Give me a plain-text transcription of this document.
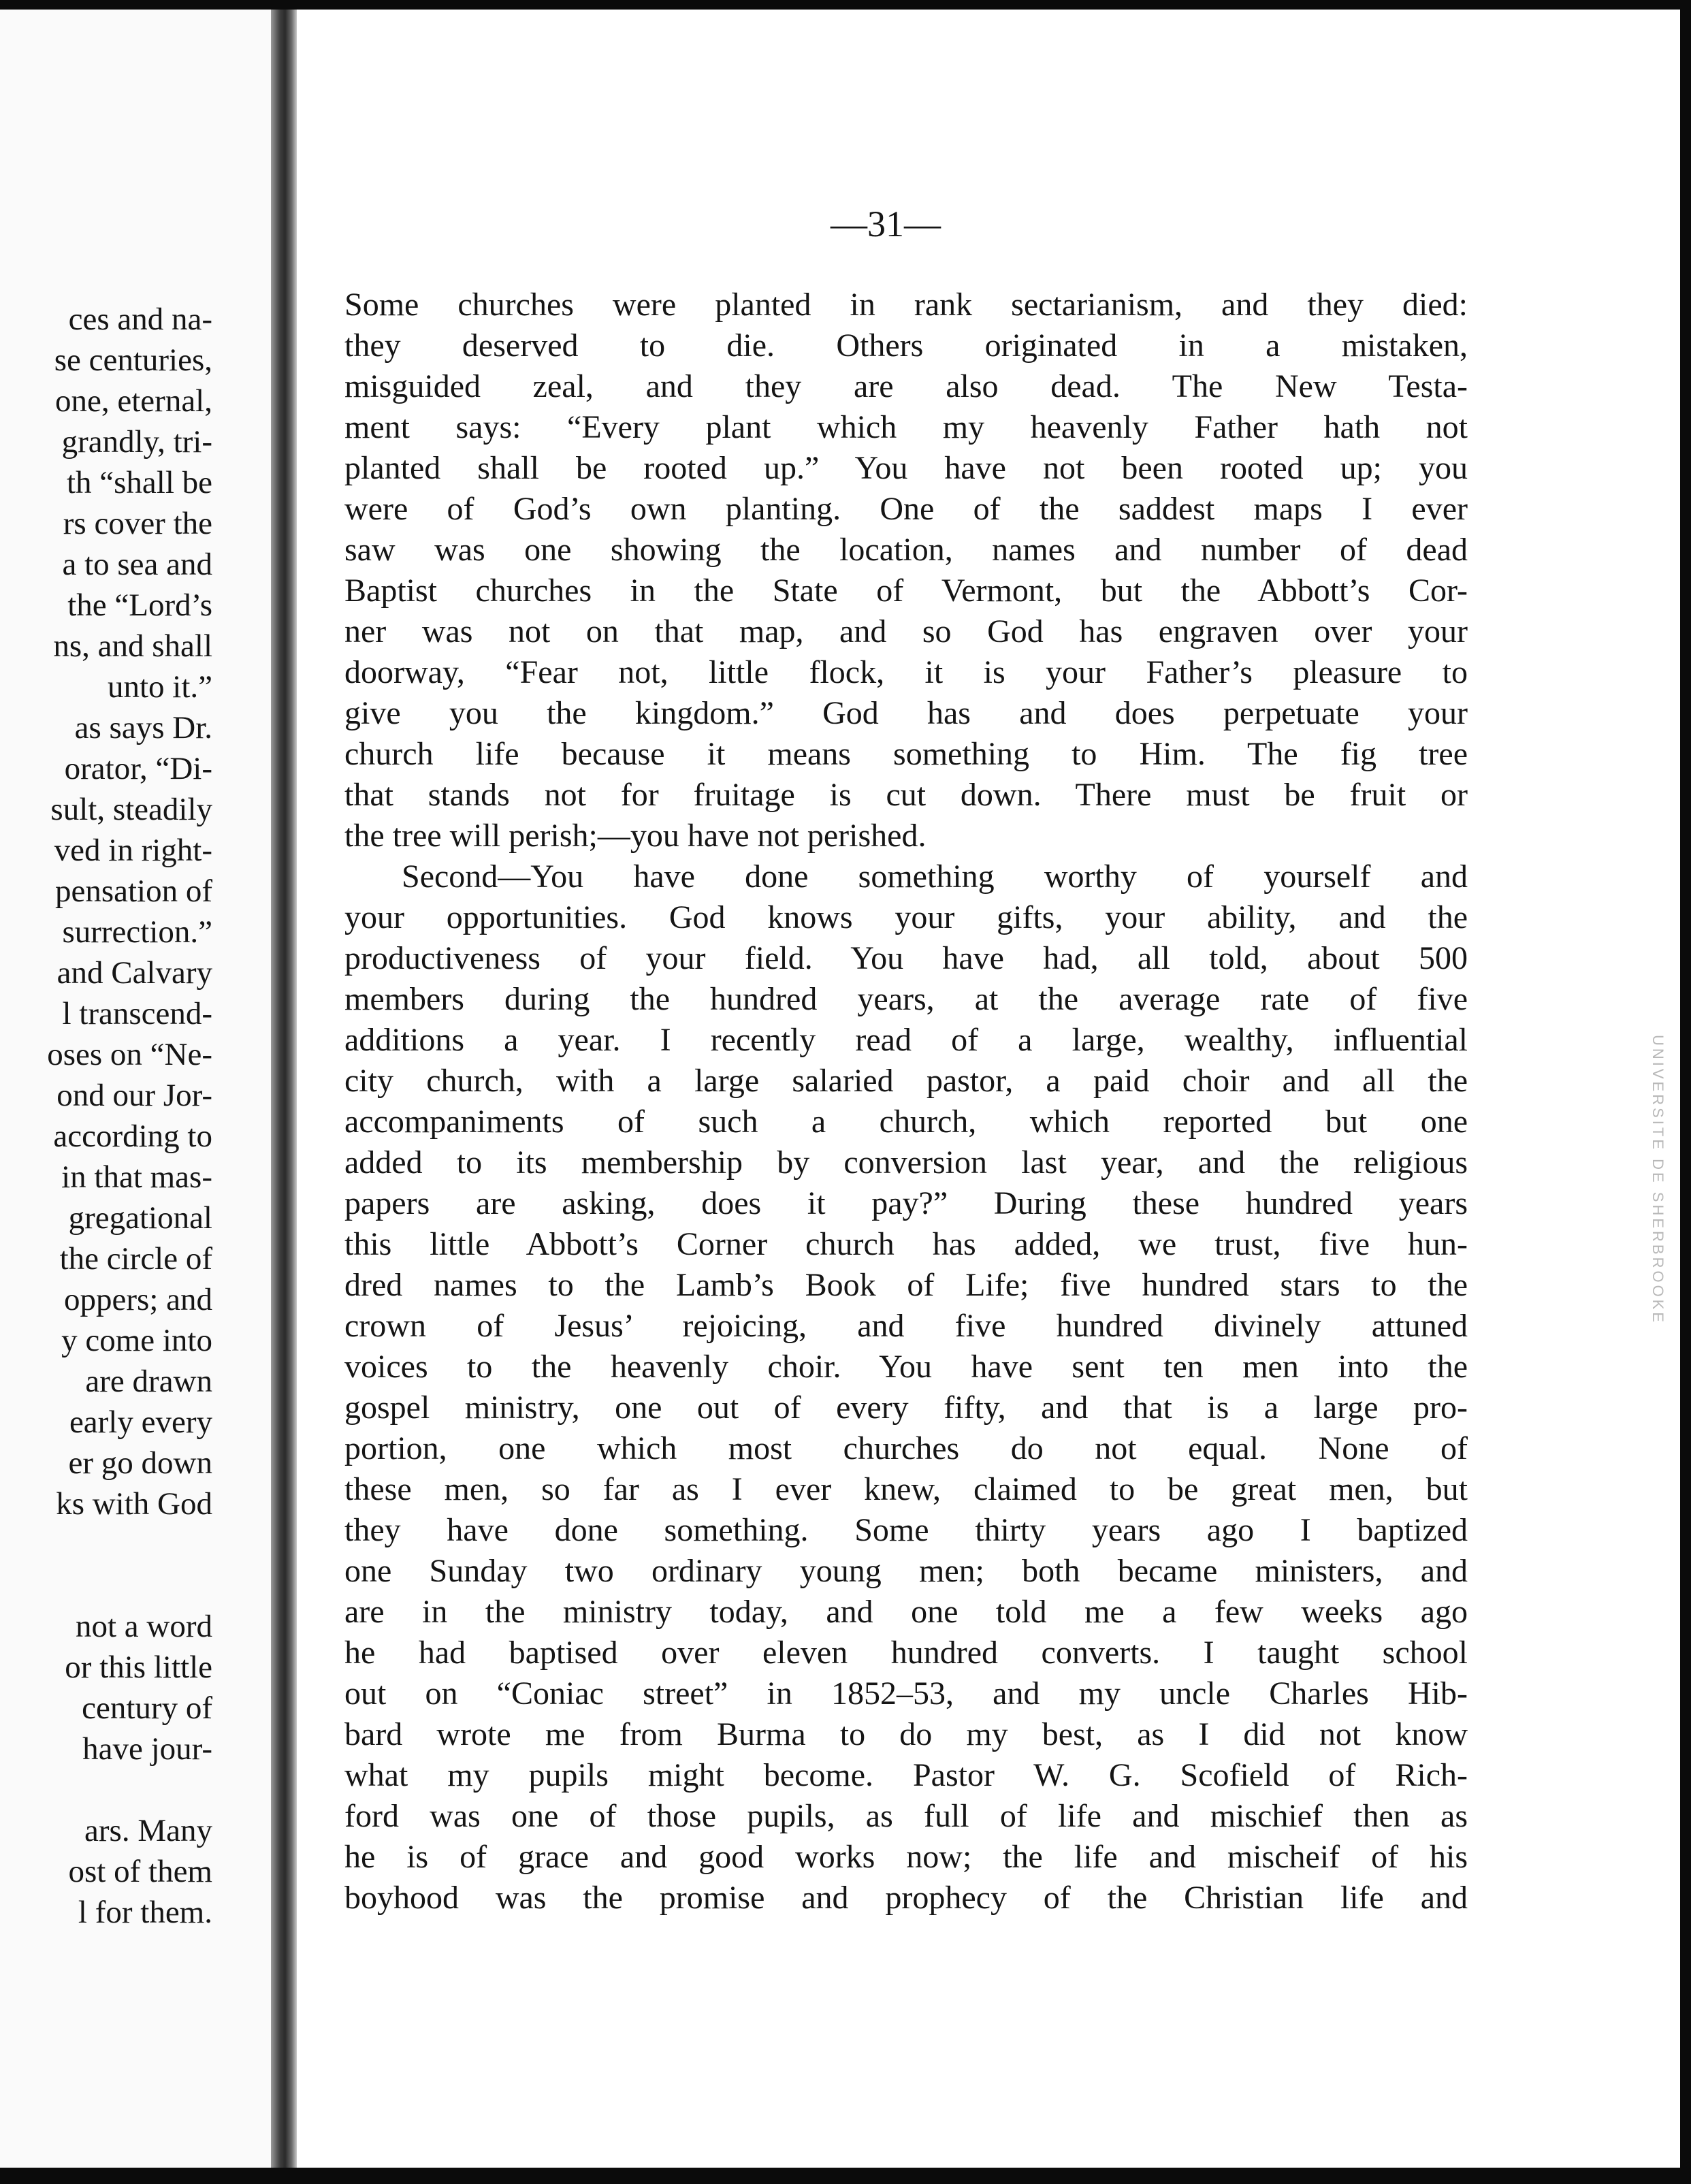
ces and na-
se centuries,
one, eternal,
grandly, tri-
th “shall be
rs cover the
a to sea and
the “Lord’s
ns, and shall
unto it.”
as says Dr.
orator, “Di-
sult, steadily
ved in right-
pensation of
surrection.”
and Calvary
l transcend-
oses on “Ne-
ond our Jor-
according to
in that mas-
gregational
the circle of
oppers; and
y come into
are drawn
early every
er go down
ks with God
not a word
or this little
century of
have jour-
ars. Many
ost of them
l for them.
—31—
Some churches were planted in rank sectarianism, and they died:
they deserved to die. Others originated in a mistaken,
misguided zeal, and they are also dead. The New Testa-
ment says: “Every plant which my heavenly Father hath not
planted shall be rooted up.” You have not been rooted up; you
were of God’s own planting. One of the saddest maps I ever
saw was one showing the location, names and number of dead
Baptist churches in the State of Vermont, but the Abbott’s Cor-
ner was not on that map, and so God has engraven over your
doorway, “Fear not, little flock, it is your Father’s pleasure to
give you the kingdom.” God has and does perpetuate your
church life because it means something to Him. The fig tree
that stands not for fruitage is cut down. There must be fruit or
the tree will perish;—you have not perished.
Second—You have done something worthy of yourself and
your opportunities. God knows your gifts, your ability, and the
productiveness of your field. You have had, all told, about 500
members during the hundred years, at the average rate of five
additions a year. I recently read of a large, wealthy, influential
city church, with a large salaried pastor, a paid choir and all the
accompaniments of such a church, which reported but one
added to its membership by conversion last year, and the religious
papers are asking, does it pay?” During these hundred years
this little Abbott’s Corner church has added, we trust, five hun-
dred names to the Lamb’s Book of Life; five hundred stars to the
crown of Jesus’ rejoicing, and five hundred divinely attuned
voices to the heavenly choir. You have sent ten men into the
gospel ministry, one out of every fifty, and that is a large pro-
portion, one which most churches do not equal. None of
these men, so far as I ever knew, claimed to be great men, but
they have done something. Some thirty years ago I baptized
one Sunday two ordinary young men; both became ministers, and
are in the ministry today, and one told me a few weeks ago
he had baptised over eleven hundred converts. I taught school
out on “Coniac street” in 1852–53, and my uncle Charles Hib-
bard wrote me from Burma to do my best, as I did not know
what my pupils might become. Pastor W. G. Scofield of Rich-
ford was one of those pupils, as full of life and mischief then as
he is of grace and good works now; the life and mischeif of his
boyhood was the promise and prophecy of the Christian life and
UNIVERSITE DE SHERBROOKE
